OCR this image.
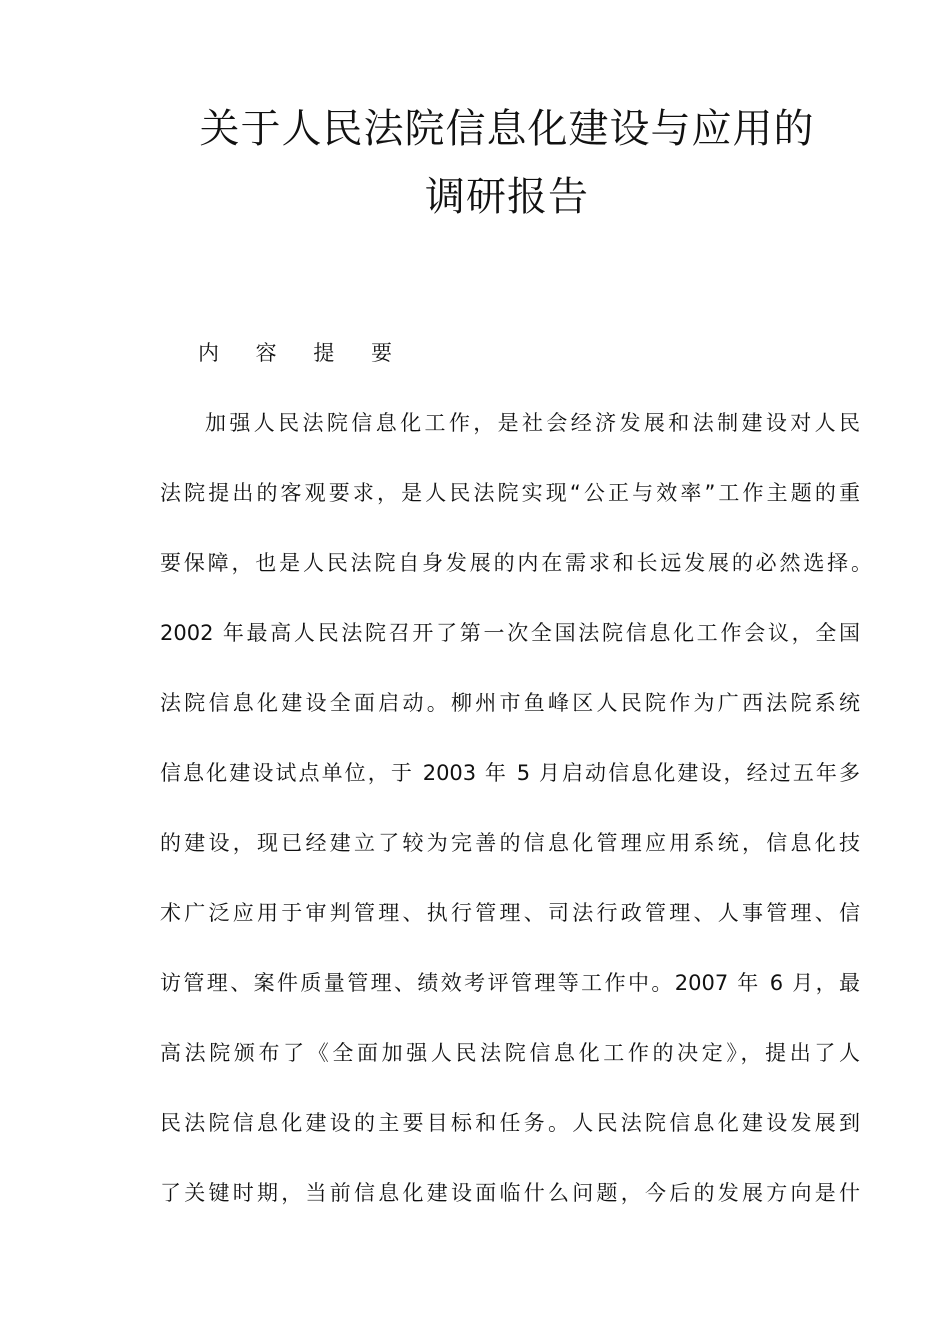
关于人民法院信息化建设与应用的
调研报告
内 容 提 要
加强人民法院信息化工作，是社会经济发展和法制建设对人民
法院提出的客观要求，是人民法院实现“公正与效率”工作主题的重
要保障，也是人民法院自身发展的内在需求和长远发展的必然选择。
2002 年最高人民法院召开了第一次全国法院信息化工作会议，全国
法院信息化建设全面启动。柳州市鱼峰区人民院作为广西法院系统
信息化建设试点单位，于 2003 年 5 月启动信息化建设，经过五年多
的建设，现已经建立了较为完善的信息化管理应用系统，信息化技
术广泛应用于审判管理、执行管理、司法行政管理、人事管理、信
访管理、案件质量管理、绩效考评管理等工作中。2007 年 6 月，最
高法院颁布了《全面加强人民法院信息化工作的决定》，提出了人
民法院信息化建设的主要目标和任务。人民法院信息化建设发展到
了关键时期，当前信息化建设面临什么问题，今后的发展方向是什
